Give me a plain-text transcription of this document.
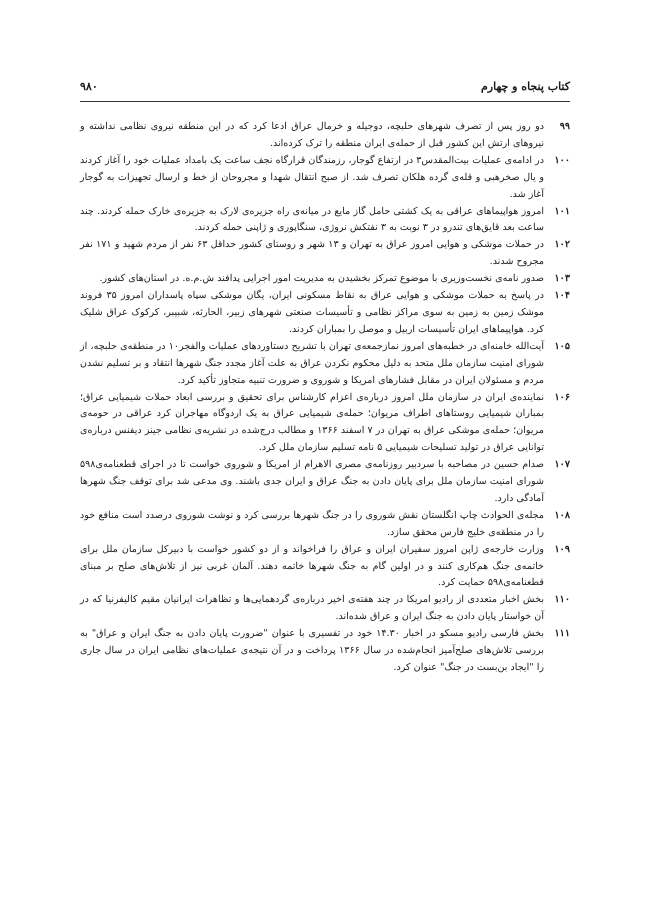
کتاب پنجاه و چهارم
۹۸۰
۹۹
دو روز پس از تصرف شهرهای حلبچه، دوجیله و خرمال عراق ادعا کرد که در این منطقه نیروی نظامی نداشته و نیروهای ارتش این کشور قبل از حمله‌ی ایران منطقه را ترک کرده‌اند.
۱۰۰
در ادامه‌ی عملیات بیت‌المقدس۳ در ارتفاع گوجار، رزمندگان قرارگاه نجف ساعت یک بامداد عملیات خود را آغاز کردند و یال صخرهبی و قله‌ی گرده هلکان تصرف شد. از صبح انتقال شهدا و مجروحان از خط و ارسال تجهیزات به گوجار آغاز شد.
۱۰۱
امروز هواپیماهای عراقی به یک کشتی حامل گاز مایع در میانه‌ی راه جزیره‌ی لارک به جزیره‌ی خارک حمله کردند. چند ساعت بعد قایق‌های تندرو در ۳ نوبت به ۳ نفتکش نروژی، سنگاپوری و ژاپنی حمله کردند.
۱۰۲
در حملات موشکی و هوایی امروز عراق به تهران و ۱۳ شهر و روستای کشور حداقل ۶۳ نفر از مردم شهید و ۱۷۱ نفر مجروح شدند.
۱۰۳
صدور نامه‌ی نخست‌وزیری با موضوع تمرکز بخشیدن به مدیریت امور اجرایی پدافند ش.م.ه. در استان‌های کشور.
۱۰۴
در پاسخ به حملات موشکی و هوایی عراق به نقاط مسکونی ایران، یگان موشکی سپاه پاسداران امروز ۳۵ فروند موشک زمین به زمین به سوی مراکز نظامی و تأسیسات صنعتی شهرهای زبیر، الحارثه، شبیبر، کرکوک عراق شلیک کرد. هواپیماهای ایران تأسیسات اربیل و موصل را بمباران کردند.
۱۰۵
آیت‌الله خامنه‌ای در خطبه‌های امروز نمازجمعه‌ی تهران با تشریح دستاوردهای عملیات والفجر۱۰ در منطقه‌ی حلبچه، از شورای امنیت سازمان ملل متحد به دلیل محکوم نکردن عراق به علت آغاز مجدد جنگ شهرها انتقاد و بر تسلیم نشدن مردم و مسئولان ایران در مقابل فشارهای امریکا و شوروی و ضرورت تنبیه متجاوز تأکید کرد.
۱۰۶
نماینده‌ی ایران در سازمان ملل امروز درباره‌ی اعزام کارشناس برای تحقیق و بررسی ابعاد حملات شیمیایی عراق؛ بمباران شیمیایی روستاهای اطراف مریوان؛ حمله‌ی شیمیایی عراق به یک اردوگاه مهاجران کرد عراقی در حومه‌ی مریوان؛ حمله‌ی موشکی عراق به تهران در ۷ اسفند ۱۳۶۶ و مطالب درج‌شده در نشریه‌ی نظامی جینز دیفنس درباره‌ی توانایی عراق در تولید تسلیحات شیمیایی ۵ نامه تسلیم سازمان ملل کرد.
۱۰۷
صدام حسین در مصاحبه با سردبیر روزنامه‌ی مصری الاهرام از امریکا و شوروی خواست تا در اجرای قطعنامه‌ی۵۹۸ شورای امنیت سازمان ملل برای پایان دادن به جنگ عراق و ایران جدی باشند. وی مدعی شد برای توقف جنگ شهرها آمادگی دارد.
۱۰۸
مجله‌ی الحوادث چاپ انگلستان نقش شوروی را در جنگ شهرها بررسی کرد و نوشت شوروی درصدد است منافع خود را در منطقه‌ی خلیج فارس محقق سازد.
۱۰۹
وزارت خارجه‌ی ژاپن امروز سفیران ایران و عراق را فراخواند و از دو کشور خواست با دبیرکل سازمان ملل برای خاتمه‌ی جنگ هم‌کاری کنند و در اولین گام به جنگ شهرها خاتمه دهند. آلمان غربی نیز از تلاش‌های صلح بر مبنای قطعنامه‌ی۵۹۸ حمایت کرد.
۱۱۰
بخش اخبار متعددی از رادیو امریکا در چند هفته‌ی اخیر درباره‌ی گردهمایی‌ها و تظاهرات ایرانیان مقیم کالیفرنیا که در آن خواستار پایان دادن به جنگ ایران و عراق شده‌اند.
۱۱۱
بخش فارسی رادیو مسکو در اخبار ۱۴.۳۰ خود در تفسیری با عنوان "ضرورت پایان دادن به جنگ ایران و عراق" به بررسی تلاش‌های صلح‌آمیز انجام‌شده در سال ۱۳۶۶ پرداخت و در آن نتیجه‌ی عملیات‌های نظامی ایران در سال جاری را "ایجاد بن‌بست در جنگ" عنوان کرد.
